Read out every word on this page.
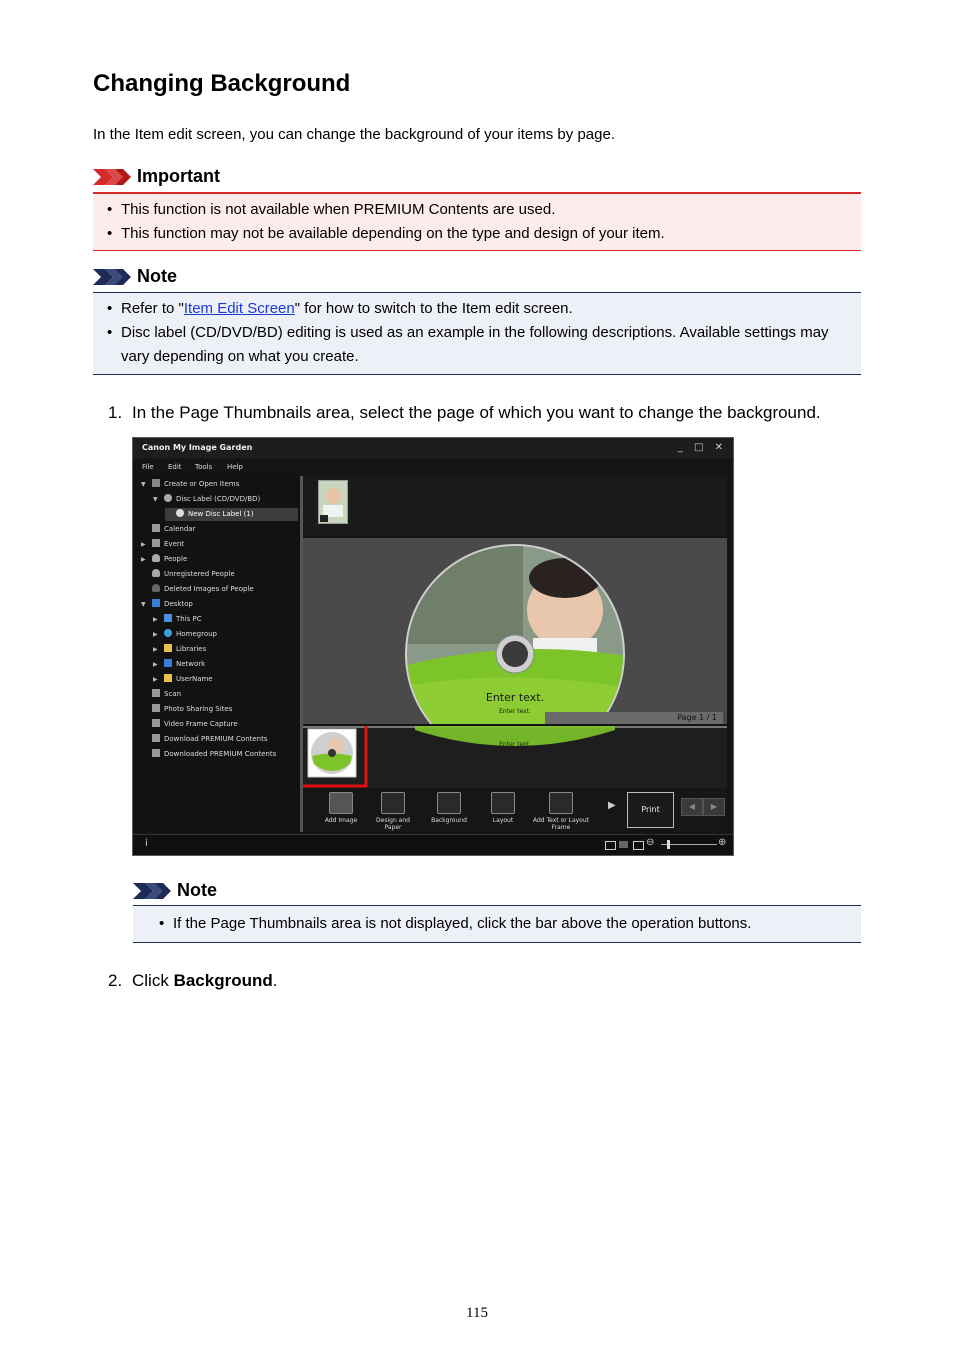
Changing Background
In the Item edit screen, you can change the background of your items by page.
Important
• This function is not available when PREMIUM Contents are used.
• This function may not be available depending on the type and design of your item.
Note
• Refer to "Item Edit Screen" for how to switch to the Item edit screen.
• Disc label (CD/DVD/BD) editing is used as an example in the following descriptions. Available settings may vary depending on what you create.
1. In the Page Thumbnails area, select the page of which you want to change the background.
Canon My Image Garden	_ □ ✕
File Edit Tools Help
▼	Create or Open Items
▼	Disc Label (CD/DVD/BD)
New Disc Label (1)
Calendar
▶	Event
▶	People
Unregistered People
Deleted Images of People
▼	Desktop
▶	This PC
▶	Homegroup
▶	Libraries
▶	Network
▶	UserName
Scan
Photo Sharing Sites
Video Frame Capture
Download PREMIUM Contents
Downloaded PREMIUM Contents
Enter text.
Enter text.
Page 1 / 1
Enter text.
Add Image	Design and Paper
Background	Layout	Add Text or Layout Frame
▶	◀	▶
Print
i	⊖	⊕
Note
• If the Page Thumbnails area is not displayed, click the bar above the operation buttons.
2. Click Background.
115
